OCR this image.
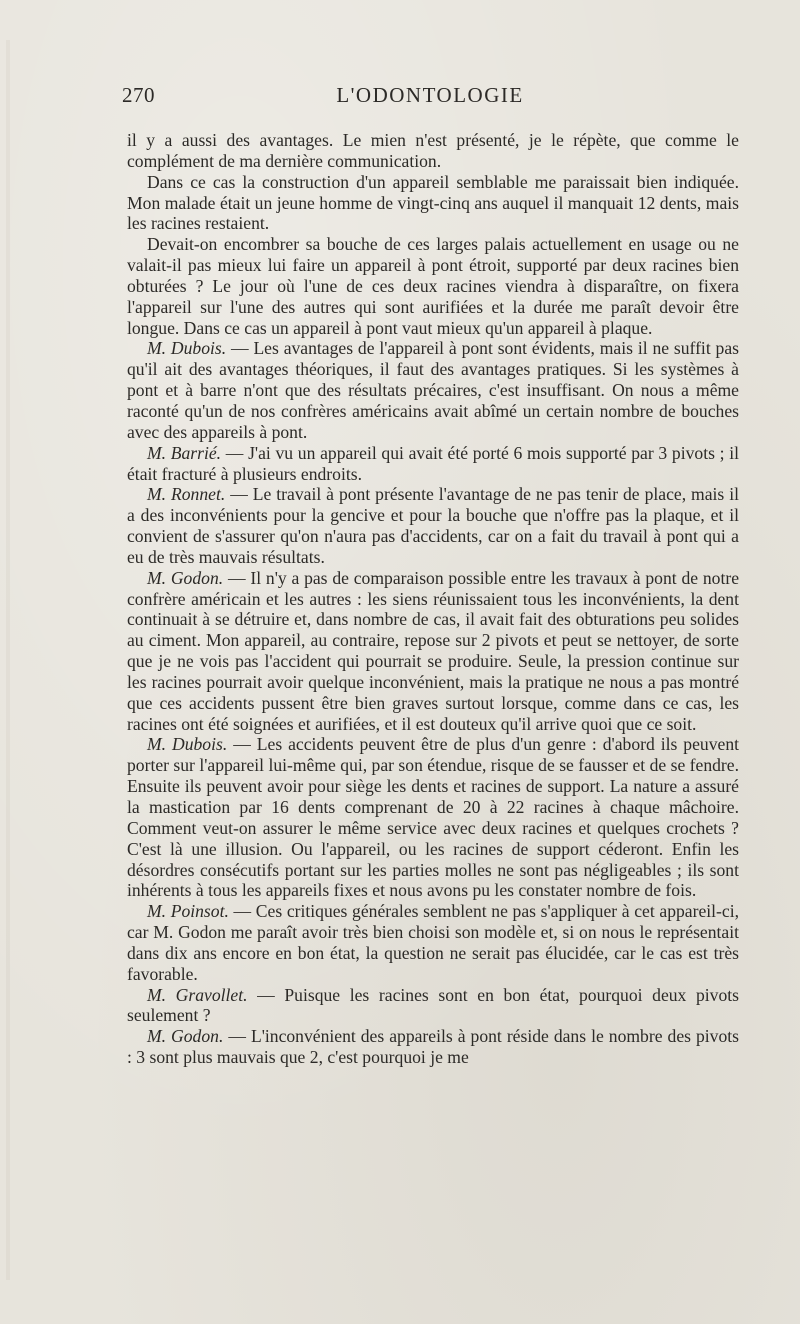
270	L'ODONTOLOGIE

il y a aussi des avantages. Le mien n'est présenté, je le répète, que comme le complément de ma dernière communication.

Dans ce cas la construction d'un appareil semblable me paraissait bien indiquée. Mon malade était un jeune homme de vingt-cinq ans auquel il manquait 12 dents, mais les racines restaient.

Devait-on encombrer sa bouche de ces larges palais actuellement en usage ou ne valait-il pas mieux lui faire un appareil à pont étroit, supporté par deux racines bien obturées ? Le jour où l'une de ces deux racines viendra à disparaître, on fixera l'appareil sur l'une des autres qui sont aurifiées et la durée me paraît devoir être longue. Dans ce cas un appareil à pont vaut mieux qu'un appareil à plaque.

M. Dubois. — Les avantages de l'appareil à pont sont évidents, mais il ne suffit pas qu'il ait des avantages théoriques, il faut des avantages pratiques. Si les systèmes à pont et à barre n'ont que des résultats précaires, c'est insuffisant. On nous a même raconté qu'un de nos confrères américains avait abîmé un certain nombre de bouches avec des appareils à pont.

M. Barrié. — J'ai vu un appareil qui avait été porté 6 mois supporté par 3 pivots ; il était fracturé à plusieurs endroits.

M. Ronnet. — Le travail à pont présente l'avantage de ne pas tenir de place, mais il a des inconvénients pour la gencive et pour la bouche que n'offre pas la plaque, et il convient de s'assurer qu'on n'aura pas d'accidents, car on a fait du travail à pont qui a eu de très mauvais résultats.

M. Godon. — Il n'y a pas de comparaison possible entre les travaux à pont de notre confrère américain et les autres : les siens réunissaient tous les inconvénients, la dent continuait à se détruire et, dans nombre de cas, il avait fait des obturations peu solides au ciment. Mon appareil, au contraire, repose sur 2 pivots et peut se nettoyer, de sorte que je ne vois pas l'accident qui pourrait se produire. Seule, la pression continue sur les racines pourrait avoir quelque inconvénient, mais la pratique ne nous a pas montré que ces accidents pussent être bien graves surtout lorsque, comme dans ce cas, les racines ont été soignées et aurifiées, et il est douteux qu'il arrive quoi que ce soit.

M. Dubois. — Les accidents peuvent être de plus d'un genre : d'abord ils peuvent porter sur l'appareil lui-même qui, par son étendue, risque de se fausser et de se fendre. Ensuite ils peuvent avoir pour siège les dents et racines de support. La nature a assuré la mastication par 16 dents comprenant de 20 à 22 racines à chaque mâchoire. Comment veut-on assurer le même service avec deux racines et quelques crochets ? C'est là une illusion. Ou l'appareil, ou les racines de support céderont. Enfin les désordres consécutifs portant sur les parties molles ne sont pas négligeables ; ils sont inhérents à tous les appareils fixes et nous avons pu les constater nombre de fois.

M. Poinsot. — Ces critiques générales semblent ne pas s'appliquer à cet appareil-ci, car M. Godon me paraît avoir très bien choisi son modèle et, si on nous le représentait dans dix ans encore en bon état, la question ne serait pas élucidée, car le cas est très favorable.

M. Gravollet. — Puisque les racines sont en bon état, pourquoi deux pivots seulement ?

M. Godon. — L'inconvénient des appareils à pont réside dans le nombre des pivots : 3 sont plus mauvais que 2, c'est pourquoi je me
